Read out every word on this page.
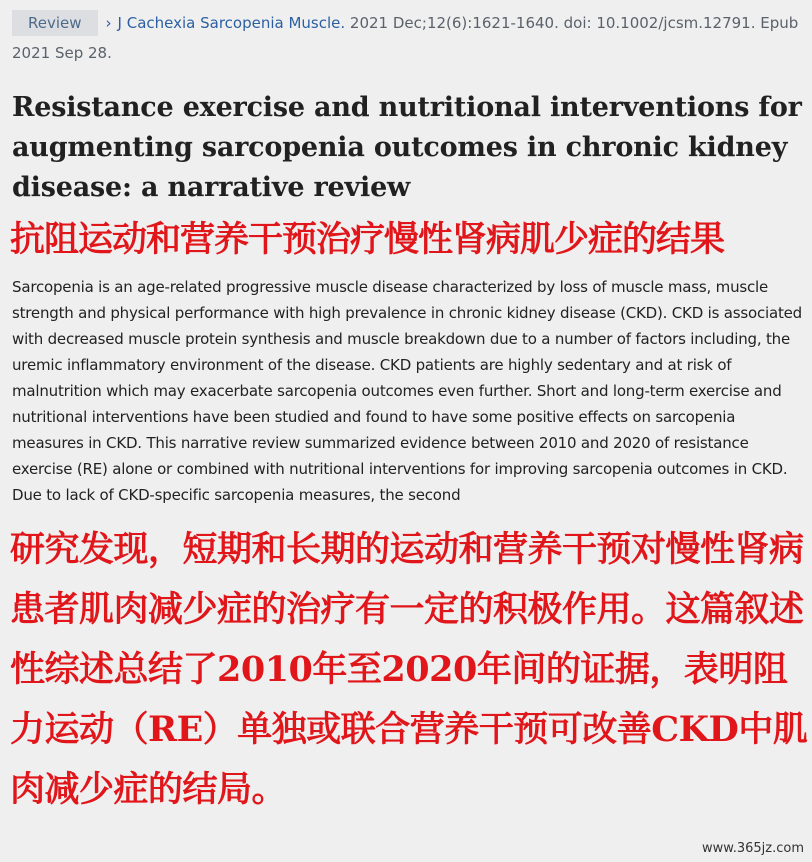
Review › J Cachexia Sarcopenia Muscle. 2021 Dec;12(6):1621-1640. doi: 10.1002/jcsm.12791. Epub 2021 Sep 28.
Resistance exercise and nutritional interventions for augmenting sarcopenia outcomes in chronic kidney disease: a narrative review
抗阻运动和营养干预治疗慢性肾病肌少症的结果
Sarcopenia is an age-related progressive muscle disease characterized by loss of muscle mass, muscle strength and physical performance with high prevalence in chronic kidney disease (CKD). CKD is associated with decreased muscle protein synthesis and muscle breakdown due to a number of factors including, the uremic inflammatory environment of the disease. CKD patients are highly sedentary and at risk of malnutrition which may exacerbate sarcopenia outcomes even further. Short and long-term exercise and nutritional interventions have been studied and found to have some positive effects on sarcopenia measures in CKD. This narrative review summarized evidence between 2010 and 2020 of resistance exercise (RE) alone or combined with nutritional interventions for improving sarcopenia outcomes in CKD. Due to lack of CKD-specific sarcopenia measures, the second
研究发现，短期和长期的运动和营养干预对慢性肾病患者肌肉减少症的治疗有一定的积极作用。这篇叙述性综述总结了2010年至2020年间的证据，表明阻力运动（RE）单独或联合营养干预可改善CKD中肌肉减少症的结局。
www.365jz.com
